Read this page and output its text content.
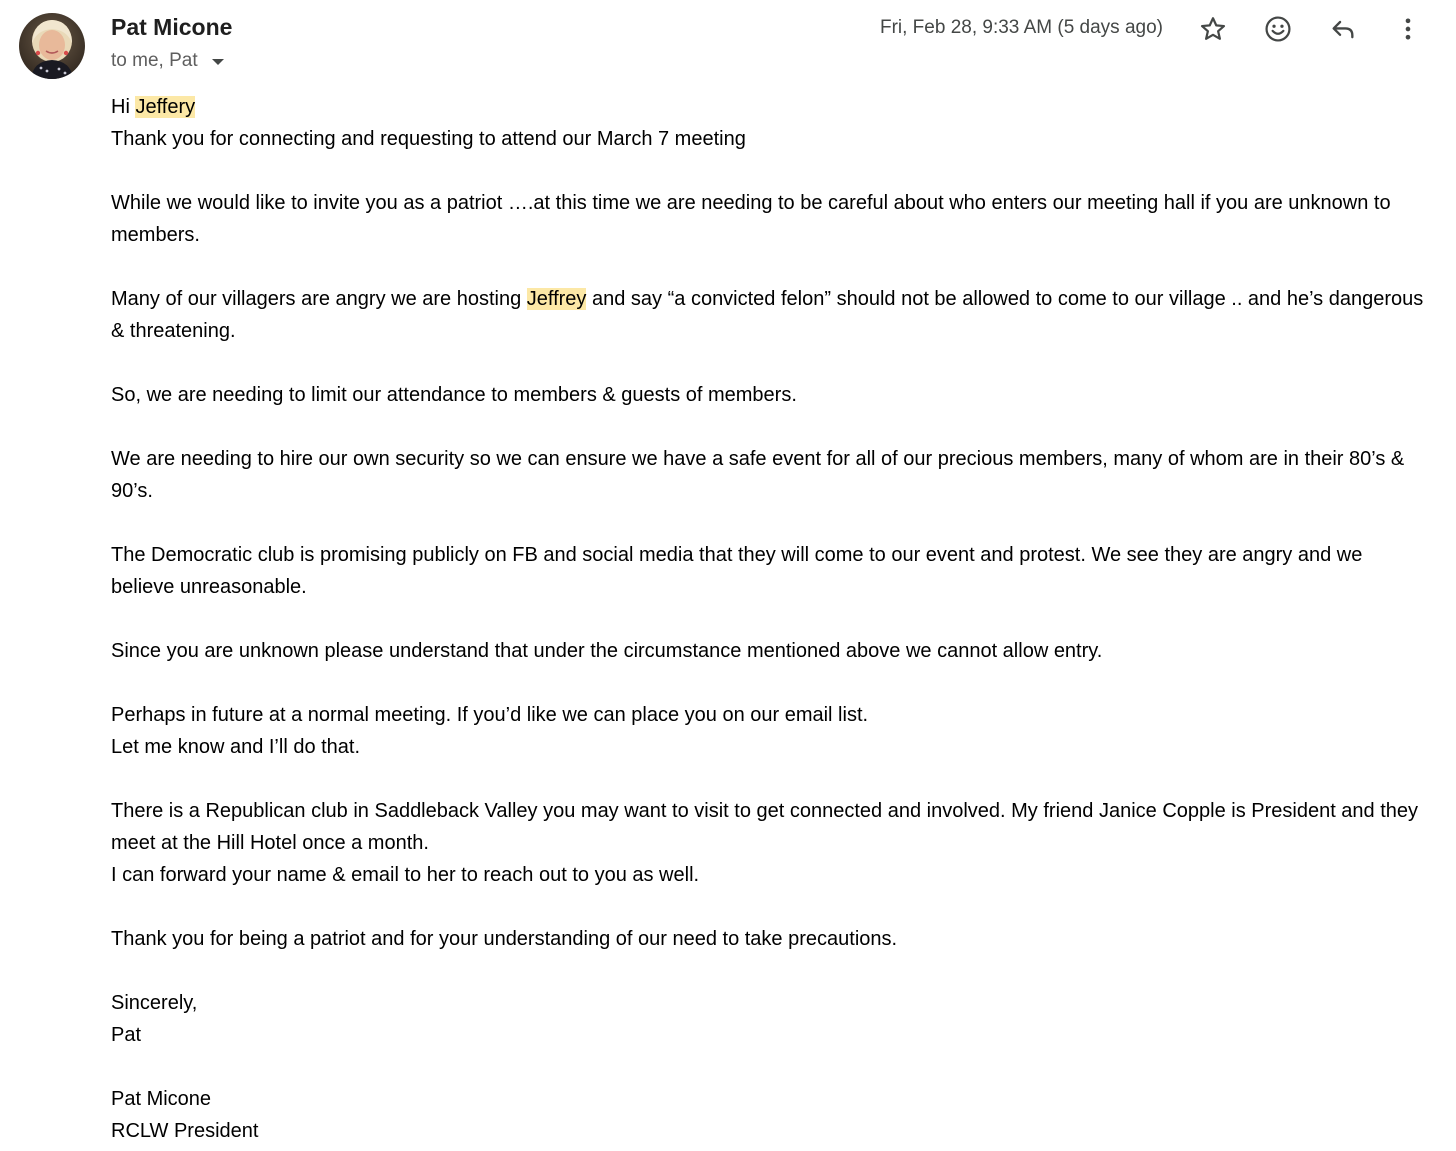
Pat Micone
to me, Pat
Fri, Feb 28, 9:33 AM (5 days ago)

Hi Jeffery

Thank you for connecting and requesting to attend our March 7 meeting

While we would like to invite you as a patriot ….at this time we are needing to be careful about who enters our meeting hall if you are unknown to members.

Many of our villagers are angry we are hosting Jeffrey and say “a convicted felon” should not be allowed to come to our village .. and he’s dangerous & threatening.

So, we are needing to limit our attendance to members & guests of members.

We are needing to hire our own security so we can ensure we have a safe event for all of our precious members, many of whom are in their 80’s & 90’s.

The Democratic club is promising publicly on FB and social media that they will come to our event and protest. We see they are angry and we believe unreasonable.

Since you are unknown please understand that under the circumstance mentioned above we cannot allow entry.

Perhaps in future at a normal meeting. If you’d like we can place you on our email list.

Let me know and I’ll do that.

There is a Republican club in Saddleback Valley you may want to visit to get connected and involved. My friend Janice Copple is President and they meet at the Hill Hotel once a month.

I can forward your name & email to her to reach out to you as well.

Thank you for being a patriot and for your understanding of our need to take precautions.

Sincerely,

Pat

Pat Micone

RCLW President
